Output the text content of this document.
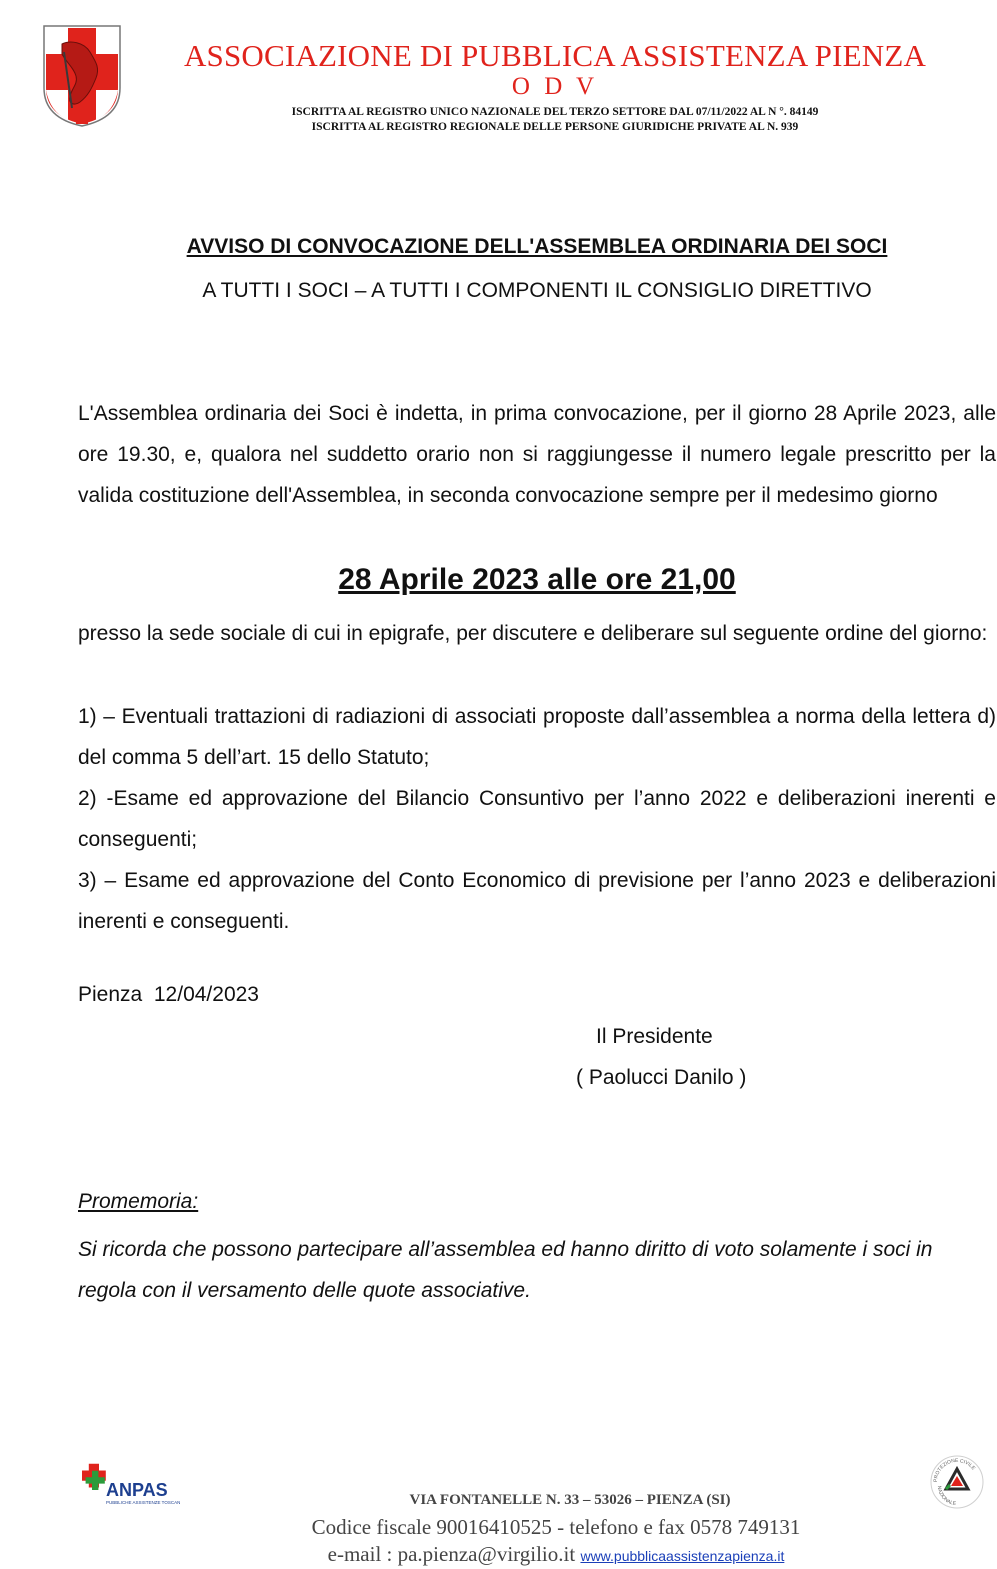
ASSOCIAZIONE DI PUBBLICA ASSISTENZA PIENZA
O D V
ISCRITTA AL REGISTRO UNICO NAZIONALE DEL TERZO SETTORE DAL 07/11/2022 AL N °. 84149
ISCRITTA AL REGISTRO REGIONALE DELLE PERSONE GIURIDICHE PRIVATE AL N. 939
AVVISO DI CONVOCAZIONE DELL'ASSEMBLEA ORDINARIA DEI SOCI
A TUTTI I SOCI – A TUTTI I COMPONENTI IL CONSIGLIO DIRETTIVO
L'Assemblea ordinaria dei Soci è indetta, in prima convocazione, per il giorno 28 Aprile 2023, alle ore 19.30, e, qualora nel suddetto orario non si raggiungesse il numero legale prescritto per la valida costituzione dell'Assemblea, in seconda convocazione sempre per il medesimo giorno
28 Aprile 2023 alle ore 21,00
presso la sede sociale di cui in epigrafe, per discutere e deliberare sul seguente ordine del giorno:
1) – Eventuali trattazioni di radiazioni di associati proposte dall’assemblea a norma della lettera d) del comma 5 dell’art. 15 dello Statuto;
2) -Esame ed approvazione del Bilancio Consuntivo per l’anno 2022 e deliberazioni inerenti e conseguenti;
3) – Esame ed approvazione del Conto Economico di previsione per l’anno 2023 e deliberazioni inerenti e conseguenti.
Pienza  12/04/2023
Il Presidente
( Paolucci Danilo )
Promemoria:
Si ricorda che possono partecipare all’assemblea ed hanno diritto di voto solamente i soci in regola con il versamento delle quote associative.
ANPAS
PUBBLICHE ASSISTENZE TOSCANE
PROTEZIONE CIVILE
NAZIONALE
VIA FONTANELLE N. 33 – 53026 – PIENZA (SI)
Codice fiscale 90016410525 - telefono e fax 0578 749131
e-mail : pa.pienza@virgilio.it www.pubblicaassistenzapienza.it
